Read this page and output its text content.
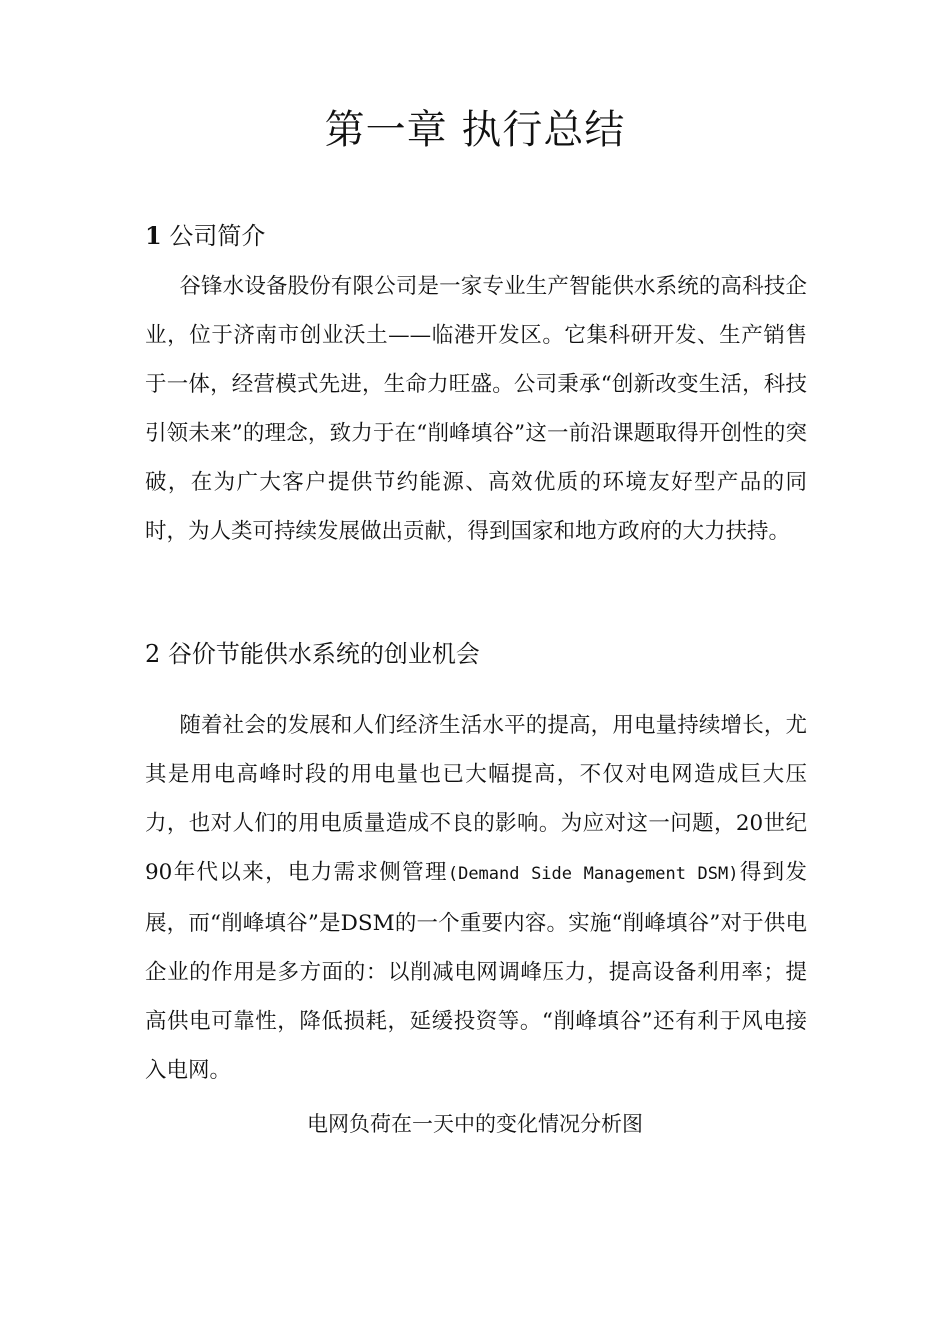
第一章 执行总结
1 公司简介

谷锋水设备股份有限公司是一家专业生产智能供水系统的高科技企业，位于济南市创业沃土——临港开发区。它集科研开发、生产销售于一体，经营模式先进，生命力旺盛。公司秉承“创新改变生活，科技引领未来”的理念，致力于在“削峰填谷”这一前沿课题取得开创性的突破，在为广大客户提供节约能源、高效优质的环境友好型产品的同时，为人类可持续发展做出贡献，得到国家和地方政府的大力扶持。

2 谷价节能供水系统的创业机会

随着社会的发展和人们经济生活水平的提高，用电量持续增长，尤其是用电高峰时段的用电量也已大幅提高，不仅对电网造成巨大压力，也对人们的用电质量造成不良的影响。为应对这一问题，20世纪90年代以来，电力需求侧管理(Demand Side Management DSM)得到发展，而“削峰填谷”是DSM的一个重要内容。实施“削峰填谷”对于供电企业的作用是多方面的：以削减电网调峰压力，提高设备利用率；提高供电可靠性，降低损耗，延缓投资等。“削峰填谷”还有利于风电接入电网。

电网负荷在一天中的变化情况分析图
